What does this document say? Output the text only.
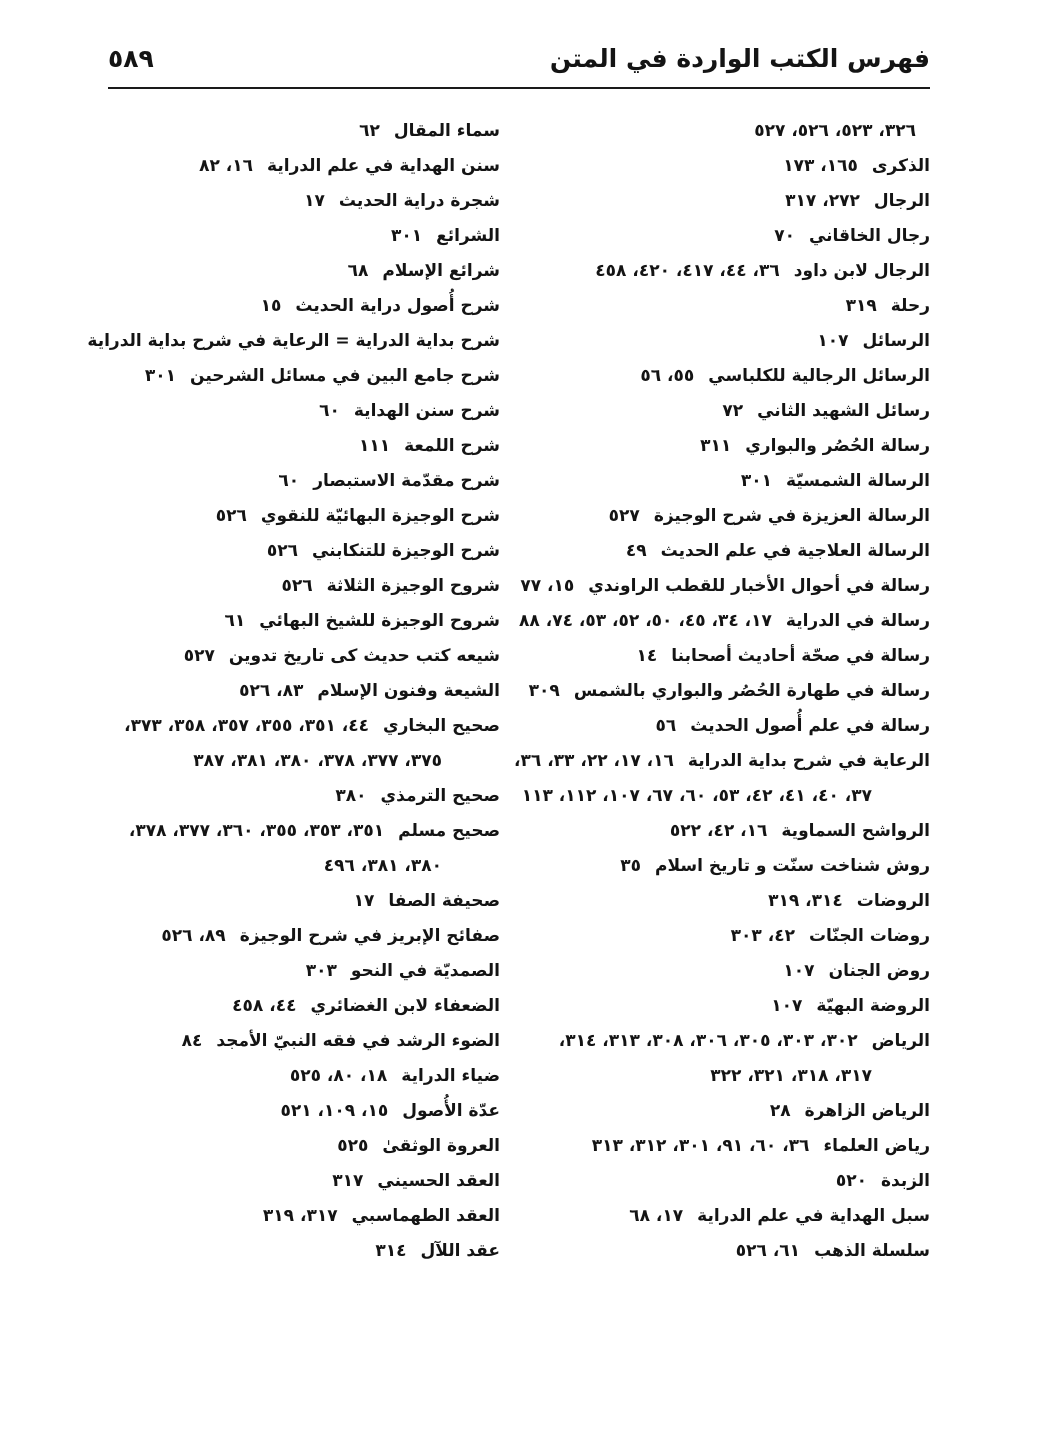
فهرس الكتب الواردة في المتن
٥٨٩
٣٢٦، ٥٢٣، ٥٢٦، ٥٢٧
الذكرى١٦٥، ١٧٣
الرجال٢٧٢، ٣١٧
رجال الخاقاني٧٠
الرجال لابن داود٣٦، ٤٤، ٤١٧، ٤٢٠، ٤٥٨
رحلة٣١٩
الرسائل١٠٧
الرسائل الرجالية للكلباسي٥٥، ٥٦
رسائل الشهيد الثاني٧٢
رسالة الحُصُر والبواري٣١١
الرسالة الشمسيّة٣٠١
الرسالة العزيزة في شرح الوجيزة٥٢٧
الرسالة العلاجية في علم الحديث٤٩
رسالة في أحوال الأخبار للقطب الراوندي١٥، ٧٧
رسالة في الدراية١٧، ٣٤، ٤٥، ٥٠، ٥٢، ٥٣، ٧٤، ٨٨
رسالة في صحّة أحاديث أصحابنا١٤
رسالة في طهارة الحُصُر والبواري بالشمس٣٠٩
رسالة في علم أُصول الحديث٥٦
الرعاية في شرح بداية الدراية١٦، ١٧، ٢٢، ٣٣، ٣٦،
٣٧، ٤٠، ٤١، ٤٢، ٥٣، ٦٠، ٦٧، ١٠٧، ١١٢، ١١٣
الرواشح السماوية١٦، ٤٢، ٥٢٢
روش شناخت سنّت و تاريخ اسلام٣٥
الروضات٣١٤، ٣١٩
روضات الجنّات٤٢، ٣٠٣
روض الجنان١٠٧
الروضة البهيّة١٠٧
الرياض٣٠٢، ٣٠٣، ٣٠٥، ٣٠٦، ٣٠٨، ٣١٣، ٣١٤،
٣١٧، ٣١٨، ٣٢١، ٣٢٢
الرياض الزاهرة٢٨
رياض العلماء٣٦، ٦٠، ٩١، ٣٠١، ٣١٢، ٣١٣
الزبدة٥٢٠
سبل الهداية في علم الدراية١٧، ٦٨
سلسلة الذهب٦١، ٥٢٦
سماء المقال٦٢
سنن الهداية في علم الدراية١٦، ٨٢
شجرة دراية الحديث١٧
الشرائع٣٠١
شرائع الإسلام٦٨
شرح أُصول دراية الحديث١٥
شرح بداية الدراية = الرعاية في شرح بداية الدراية
شرح جامع البين في مسائل الشرحين٣٠١
شرح سنن الهداية٦٠
شرح اللمعة١١١
شرح مقدّمة الاستبصار٦٠
شرح الوجيزة البهائيّة للنقوي٥٢٦
شرح الوجيزة للتنكابني٥٢٦
شروح الوجيزة الثلاثة٥٢٦
شروح الوجيزة للشيخ البهائي٦١
شيعه كتب حديث كى تاريخ تدوين٥٢٧
الشيعة وفنون الإسلام٨٣، ٥٢٦
صحيح البخاري٤٤، ٣٥١، ٣٥٥، ٣٥٧، ٣٥٨، ٣٧٣،
٣٧٥، ٣٧٧، ٣٧٨، ٣٨٠، ٣٨١، ٣٨٧
صحيح الترمذي٣٨٠
صحيح مسلم٣٥١، ٣٥٣، ٣٥٥، ٣٦٠، ٣٧٧، ٣٧٨،
٣٨٠، ٣٨١، ٤٩٦
صحيفة الصفا١٧
صفائح الإبريز في شرح الوجيزة٨٩، ٥٢٦
الصمديّة في النحو٣٠٣
الضعفاء لابن الغضائري٤٤، ٤٥٨
الضوء الرشد في فقه النبيّ الأمجد٨٤
ضياء الدراية١٨، ٨٠، ٥٢٥
عدّة الأُصول١٥، ١٠٩، ٥٢١
العروة الوثقىٰ٥٢٥
العقد الحسيني٣١٧
العقد الطهماسبي٣١٧، ٣١٩
عقد اللآل٣١٤
